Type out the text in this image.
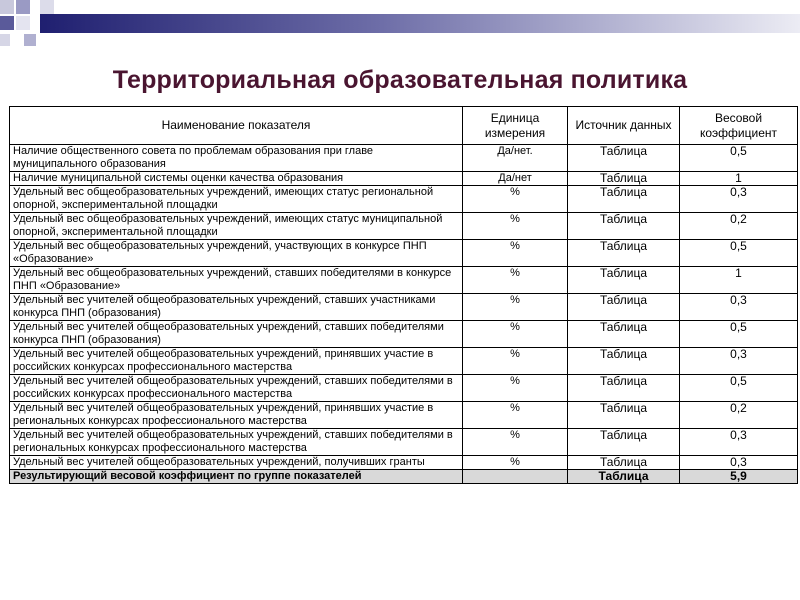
Территориальная образовательная политика
Наименование показателя	Единица измерения	Источник данных	Весовой коэффициент
Наличие общественного совета по проблемам образования при главе муниципального образования	Да/нет.	Таблица	0,5
Наличие муниципальной системы оценки качества образования	Да/нет	Таблица	1
Удельный вес общеобразовательных учреждений, имеющих статус региональной опорной, экспериментальной площадки	%	Таблица	0,3
Удельный вес общеобразовательных учреждений, имеющих статус муниципальной опорной, экспериментальной площадки	%	Таблица	0,2
Удельный вес общеобразовательных учреждений, участвующих в конкурсе ПНП «Образование»	%	Таблица	0,5
Удельный вес общеобразовательных учреждений, ставших победителями в конкурсе ПНП «Образование»	%	Таблица	1
Удельный вес учителей общеобразовательных учреждений, ставших участниками конкурса ПНП (образования)	%	Таблица	0,3
Удельный вес учителей общеобразовательных учреждений, ставших победителями конкурса ПНП (образования)	%	Таблица	0,5
Удельный вес учителей общеобразовательных учреждений, принявших участие в российских конкурсах профессионального мастерства	%	Таблица	0,3
Удельный вес учителей общеобразовательных учреждений, ставших победителями в российских конкурсах профессионального мастерства	%	Таблица	0,5
Удельный вес учителей общеобразовательных учреждений, принявших участие в региональных конкурсах профессионального мастерства	%	Таблица	0,2
Удельный вес учителей общеобразовательных учреждений, ставших победителями в региональных конкурсах профессионального мастерства	%	Таблица	0,3
Удельный вес учителей общеобразовательных учреждений, получивших гранты	%	Таблица	0,3
Результирующий весовой коэффициент по группе показателей		Таблица	5,9
